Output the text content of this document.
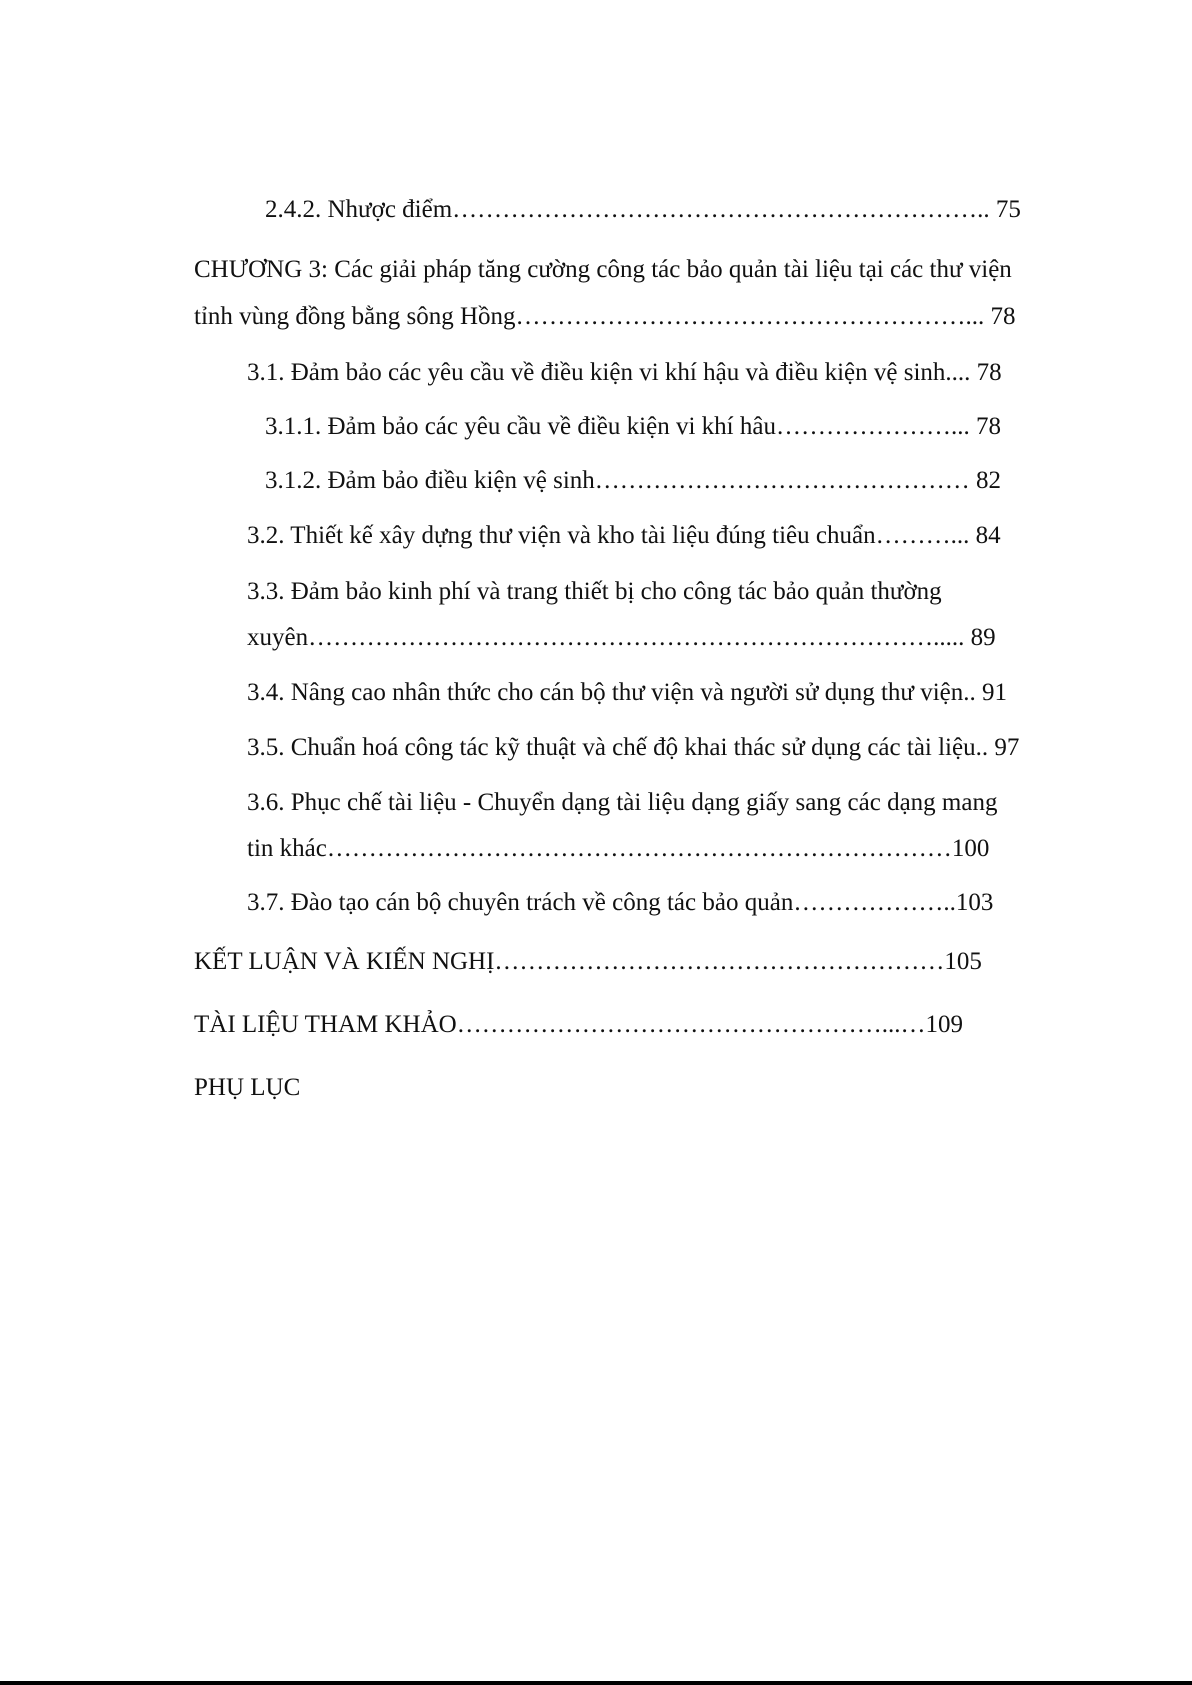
2.4.2. Nhược điểm……………………………………………………….. 75
CHƯƠNG 3: Các giải pháp tăng cường công tác bảo quản tài liệu tại các thư viện
tỉnh vùng đồng bằng sông Hồng………………………………………………... 78
3.1. Đảm bảo các yêu cầu về điều kiện vi khí hậu và điều kiện vệ sinh.... 78
3.1.1. Đảm bảo các yêu cầu về điều kiện vi khí hâu…………………... 78
3.1.2. Đảm bảo điều kiện vệ sinh……………………………………… 82
3.2. Thiết kế xây dựng thư viện và kho tài liệu đúng tiêu chuẩn………... 84
3.3. Đảm bảo kinh phí và trang thiết bị cho công tác bảo quản thường
xuyên…………………………………………………………………..... 89
3.4. Nâng cao nhân thức cho cán bộ thư viện và người sử dụng thư viện.. 91
3.5. Chuẩn hoá công tác kỹ thuật và chế độ khai thác sử dụng các tài liệu.. 97
3.6. Phục chế tài liệu - Chuyển dạng tài liệu dạng giấy sang các dạng mang
tin khác…………………………………………………………………100
3.7. Đào tạo cán bộ chuyên trách về công tác bảo quản………………..103
KẾT LUẬN VÀ KIẾN NGHỊ………………………………………………105
TÀI LIỆU THAM KHẢO……………………………………………...…109
PHỤ LỤC
